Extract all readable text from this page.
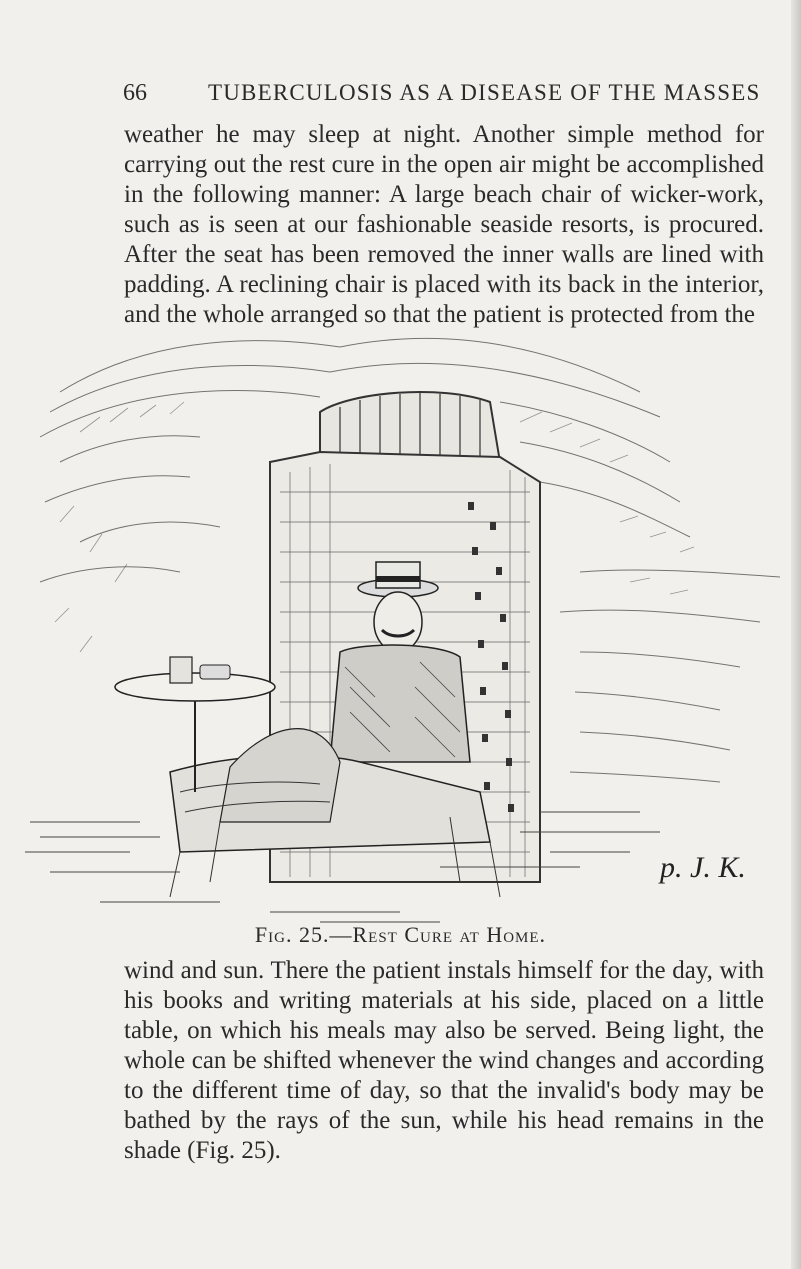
66	TUBERCULOSIS AS A DISEASE OF THE MASSES

weather he may sleep at night. Another simple method for carrying out the rest cure in the open air might be accomplished in the following manner: A large beach chair of wicker-work, such as is seen at our fashionable seaside resorts, is procured. After the seat has been removed the inner walls are lined with padding. A reclining chair is placed with its back in the interior, and the whole arranged so that the patient is protected from the

p. J. K.
Fig. 25.—Rest Cure at Home.

wind and sun. There the patient instals himself for the day, with his books and writing materials at his side, placed on a little table, on which his meals may also be served. Being light, the whole can be shifted whenever the wind changes and according to the different time of day, so that the invalid's body may be bathed by the rays of the sun, while his head remains in the shade (Fig. 25).
